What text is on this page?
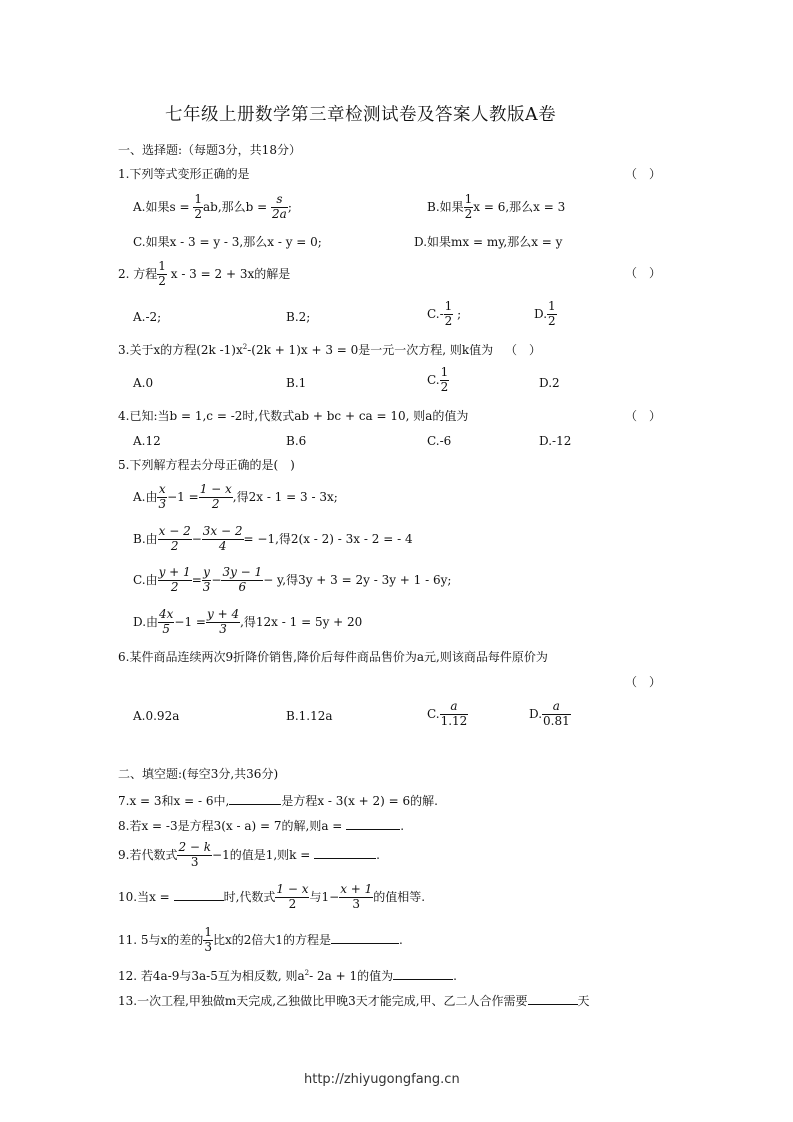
七年级上册数学第三章检测试卷及答案人教版A卷
一、选择题:（每题3分，共18分）
1.下列等式变形正确的是	（　）
A.如果$s = \frac{1}{2}$ ab,那么$b = \frac{s}{2a}$ ;	B.如果 $\frac{1}{2}$ x = 6,那么x = 3
C.如果x - 3 = y - 3,那么x - y = 0;	D.如果mx = my,那么x = y
2. 方程 $\frac{1}{2}$ x - 3 = 2 + 3x的解是	（　）
A.-2;	B.2;	$C.- \frac{1}{2}$ ;	D. $\frac{1}{2}$
3.关于x的方程(2k $-1)x^2-(2k + 1)x + 3 = 0$是一元一次方程, 则k值为 （　）
A.0	B.1	C. $\frac{1}{2}$	D.2
4.已知:当b = 1,c = -2时,代数式ab + bc + ca = 10, 则a的值为	（　）
A.12	B.6	C.-6	D.-12
5.下列解方程去分母正确的是(　)
A.由 $\frac{x}{3} -1 = \frac{1 - x}{2}$ ,得2x - 1 = 3 - 3x;
B.由 $\frac{x - 2}{2} - \frac{3x - 2}{4} = -1$,得2(x - 2) - 3x - 2 = - 4
C.由 $\frac{y + 1}{2} = \frac{y}{3} - \frac{3y - 1}{6} - y$,得3y + 3 = 2y - 3y + 1 - 6y;
D.由 $\frac{4x}{5} -1 = \frac{y + 4}{3}$ ,得12x - 1 = 5y + 20
6.某件商品连续两次9折降价销售,降价后每件商品售价为a元,则该商品每件原价为
（　）
A.0.92a	B.1.12a	C. $\frac{a}{1.12}$	D. $\frac{a}{0.81}$
二、填空题:(每空3分,共36分)
7.x = 3和x = - 6中,	是方程x - 3(x + 2) = 6的解.
8.若x = -3是方程3(x - a) = 7的解,则a =	.
9.若代数式 $\frac{2 - k}{3} -1$的值是1,则k =	.
10.当x =	时,代数式 $\frac{1 - x}{2}$ 与$1- \frac{x + 1}{3}$ 的值相等.
11. 5与x的差的 $\frac{1}{3}$ 比x的2倍大1的方程是	.
12. 若4a-9与3a-5互为相反数, 则$a^2-$ 2a + 1的值为	.
13.一次工程,甲独做m天完成,乙独做比甲晚3天才能完成,甲、乙二人合作需要	天
http://zhiyugongfang.cn
